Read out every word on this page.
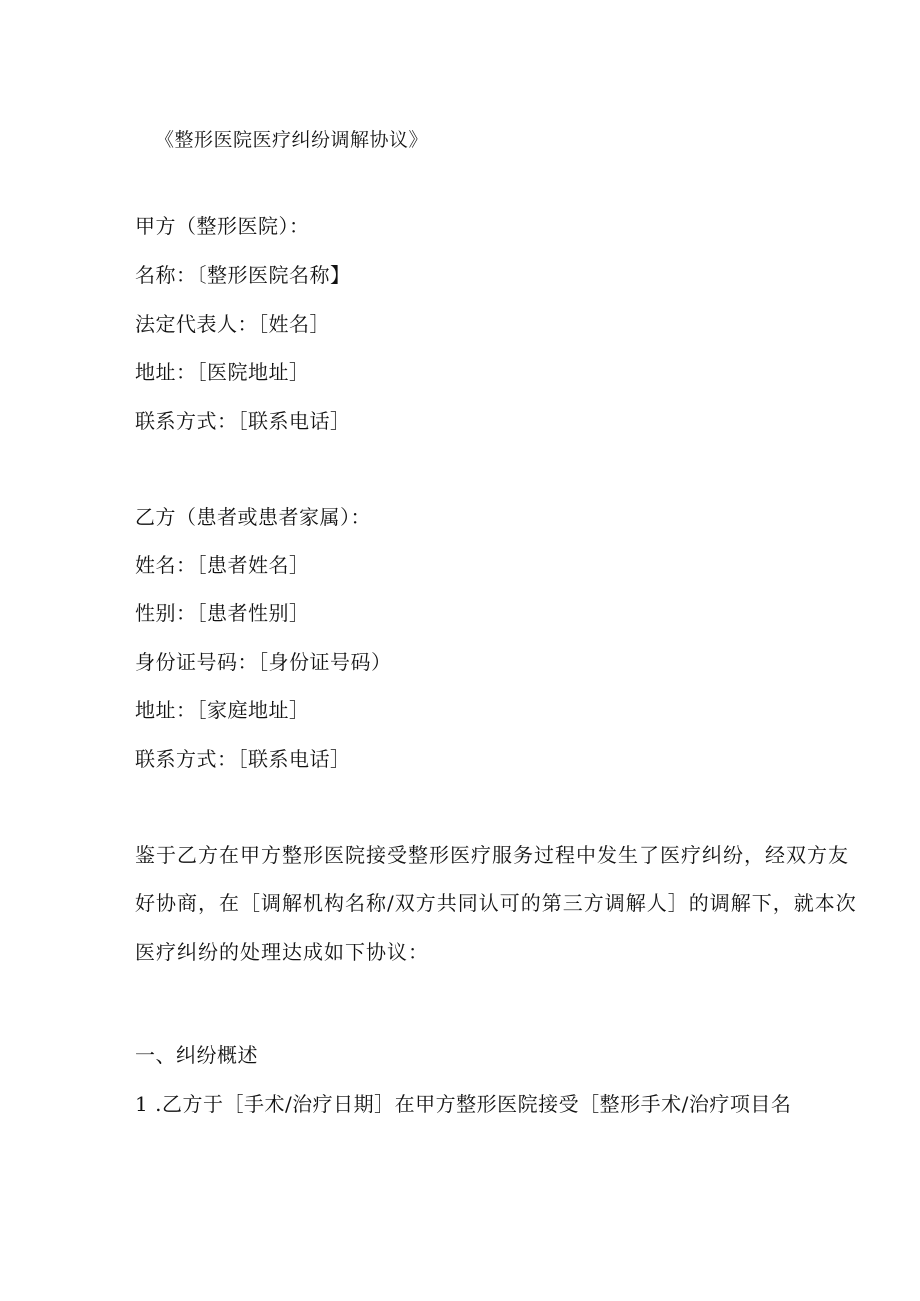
《整形医院医疗纠纷调解协议》
甲方（整形医院）：
名称：〔整形医院名称】
法定代表人：［姓名］
地址：［医院地址］
联系方式：［联系电话］
乙方（患者或患者家属）：
姓名：［患者姓名］
性别：［患者性别］
身份证号码：［身份证号码）
地址：［家庭地址］
联系方式：［联系电话］
鉴于乙方在甲方整形医院接受整形医疗服务过程中发生了医疗纠纷，经双方友
好协商，在［调解机构名称/双方共同认可的第三方调解人］的调解下，就本次
医疗纠纷的处理达成如下协议：
一、纠纷概述
1 .乙方于［手术/治疗日期］在甲方整形医院接受［整形手术/治疗项目名
